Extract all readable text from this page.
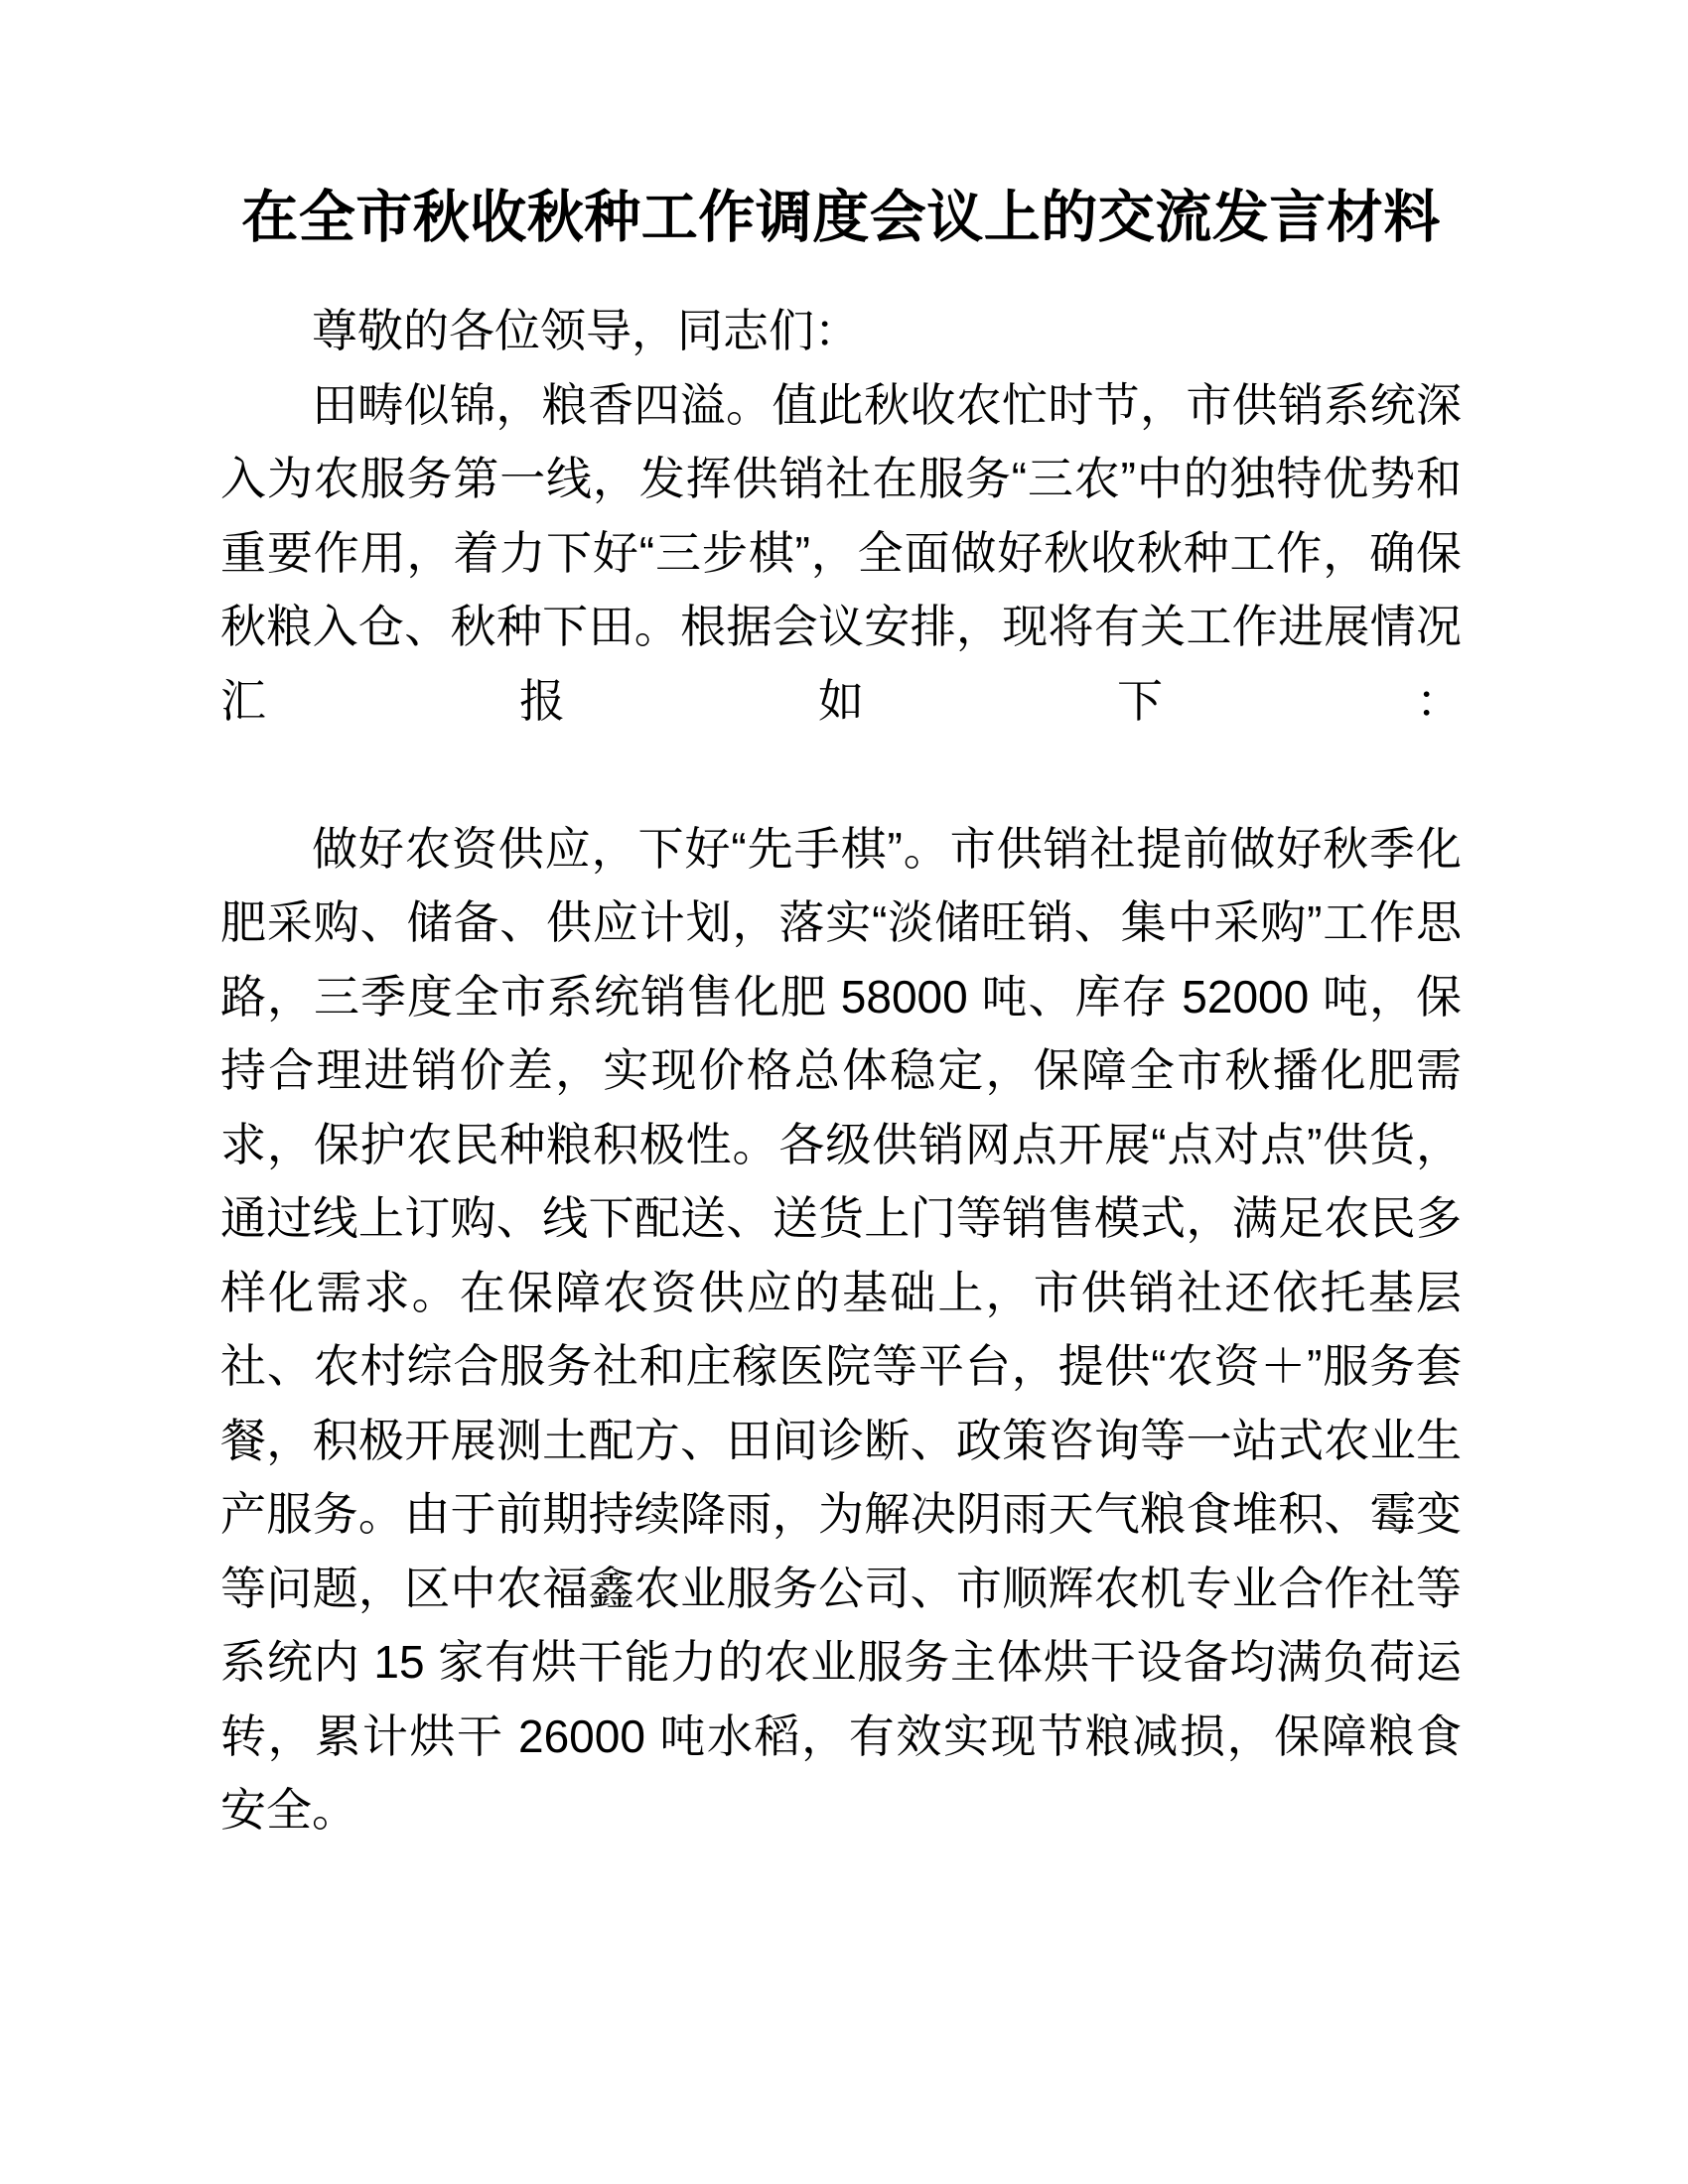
在全市秋收秋种工作调度会议上的交流发言材料

尊敬的各位领导，同志们：

田畴似锦，粮香四溢。值此秋收农忙时节，市供销系统深入为农服务第一线，发挥供销社在服务“三农”中的独特优势和重要作用，着力下好“三步棋”，全面做好秋收秋种工作，确保秋粮入仓、秋种下田。根据会议安排，现将有关工作进展情况汇报如下：

做好农资供应，下好“先手棋”。市供销社提前做好秋季化肥采购、储备、供应计划，落实“淡储旺销、集中采购”工作思路，三季度全市系统销售化肥 58000 吨、库存 52000 吨，保持合理进销价差，实现价格总体稳定，保障全市秋播化肥需求，保护农民种粮积极性。各级供销网点开展“点对点”供货，通过线上订购、线下配送、送货上门等销售模式，满足农民多样化需求。在保障农资供应的基础上，市供销社还依托基层社、农村综合服务社和庄稼医院等平台，提供“农资＋”服务套餐，积极开展测土配方、田间诊断、政策咨询等一站式农业生产服务。由于前期持续降雨，为解决阴雨天气粮食堆积、霉变等问题，区中农福鑫农业服务公司、市顺辉农机专业合作社等系统内 15 家有烘干能力的农业服务主体烘干设备均满负荷运转，累计烘干 26000 吨水稻，有效实现节粮减损，保障粮食安全。
